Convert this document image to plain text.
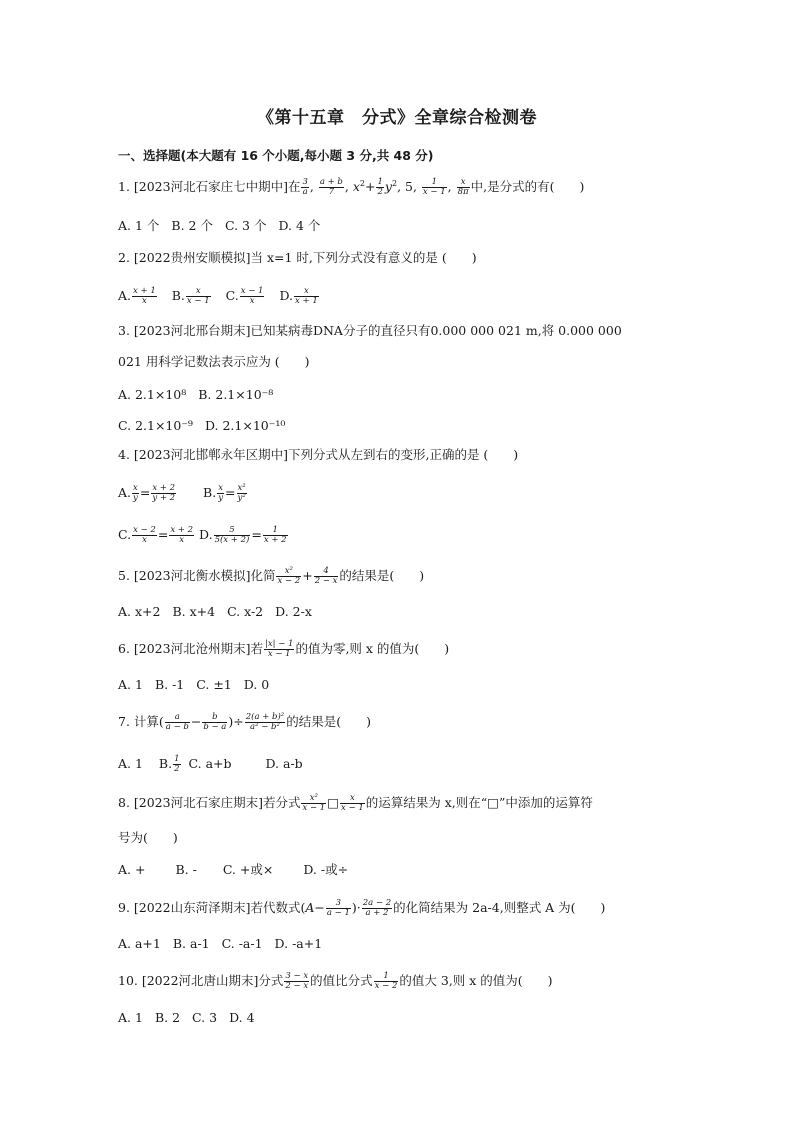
《第十五章　分式》全章综合检测卷
一、选择题(本大题有 16 个小题,每小题 3 分,共 48 分)
1. [2023河北石家庄七中期中]在 $\frac{3}{a}$ , $\frac{a + b}{7}$ , $x^2+ \frac{1}{2} y^2$, 5, $\frac{1}{x - 1}$ , $\frac{x}{8\pi}$ 中,是分式的有(　　)
A. 1 个 B. 2 个 C. 3 个 D. 4 个
2. [2022贵州安顺模拟]当 x=1 时,下列分式没有意义的是 (　　)
A. $\frac{x + 1}{x} B$. $\frac{x}{x - 1} C$. $\frac{x - 1}{x} D$. $\frac{x}{x + 1}$
3. [2023河北邢台期末]已知某病毒DNA分子的直径只有0.000 000 021 m,将 0.000 000
021 用科学记数法表示应为 (　　)
A. 2.1×10⁸ B. 2.1×10⁻⁸
C. 2.1×10⁻⁹ D. 2.1×10⁻¹⁰
4. [2023河北邯郸永年区期中]下列分式从左到右的变形,正确的是 (　　)
A. $\frac{x}{y} = \frac{x + 2}{y + 2} B$. $\frac{x}{y} = \frac{\text{x²}}{\text{y²}}$
C. $\frac{x - 2}{x} = \frac{x + 2}{x} D$. $\frac{5}{5(x + 2)} = \frac{1}{x + 2}$
5. [2023河北衡水模拟]化简 $\frac{\text{x²}}{x - 2} + \frac{4}{2 - x}$ 的结果是(　　)
A. x+2 B. x+4 C. x-2 D. 2-x
6. [2023河北沧州期末]若 $\frac{|x| - 1}{x - 1}$ 的值为零,则 x 的值为(　　)
A. 1 B. -1 C. ±1 D. 0
7. 计算( $\frac{a}{a - b} - \frac{b}{b - a}$ )÷ $\frac{\text{2(a + b)²}}{\text{a² − b²}}$ 的结果是(　　)
A. 1 B. $\frac{1}{2} C$. a+b	D. a-b
8. [2023河北石家庄期末]若分式 $\frac{\text{x²}}{x - 1}$ □ $\frac{x}{x - 1}$ 的运算结果为 x,则在“□”中添加的运算符
号为(　　)
A. + B. - C. +或× D. -或÷
9. [2022山东菏泽期末]若代数式($A- \frac{3}{a - 1}$ )· $\frac{2a - 2}{a + 2}$ 的化简结果为 2a-4,则整式 A 为(　　)
A. a+1 B. a-1 C. -a-1 D. -a+1
10. [2022河北唐山期末]分式 $\frac{3 - x}{2 - x}$ 的值比分式 $\frac{1}{x - 2}$ 的值大 3,则 x 的值为(　　)
A. 1 B. 2 C. 3 D. 4
